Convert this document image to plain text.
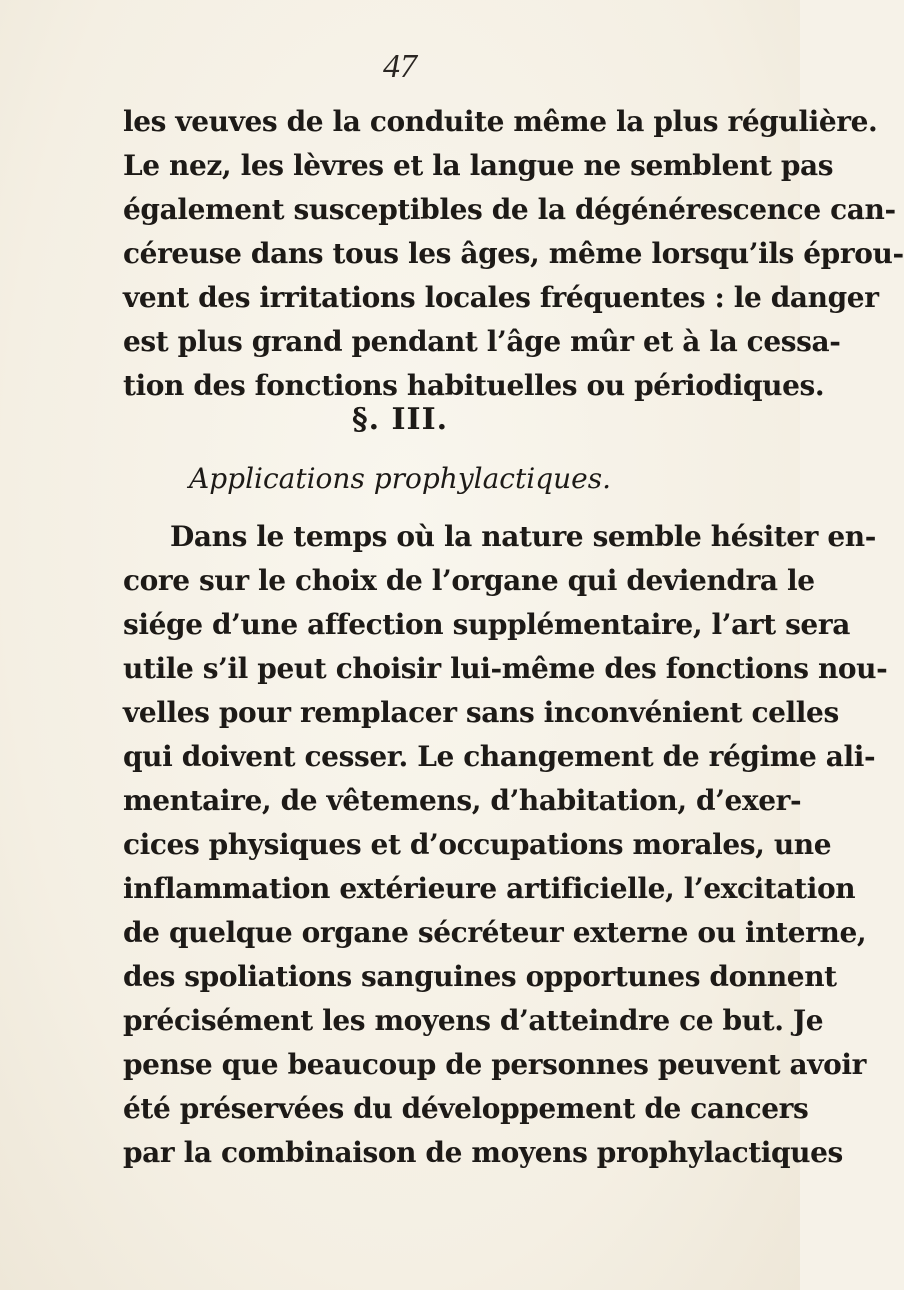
47
les veuves de la conduite même la plus régulière.
Le nez, les lèvres et la langue ne semblent pas
également susceptibles de la dégénérescence can-
céreuse dans tous les âges, même lorsqu’ils éprou-
vent des irritations locales fréquentes : le danger
est plus grand pendant l’âge mûr et à la cessa-
tion des fonctions habituelles ou périodiques.
§. III.
Applications prophylactiques.
Dans le temps où la nature semble hésiter en-
core sur le choix de l’organe qui deviendra le
siége d’une affection supplémentaire, l’art sera
utile s’il peut choisir lui-même des fonctions nou-
velles pour remplacer sans inconvénient celles
qui doivent cesser. Le changement de régime ali-
mentaire, de vêtemens, d’habitation, d’exer-
cices physiques et d’occupations morales, une
inflammation extérieure artificielle, l’excitation
de quelque organe sécréteur externe ou interne,
des spoliations sanguines opportunes donnent
précisément les moyens d’atteindre ce but. Je
pense que beaucoup de personnes peuvent avoir
été préservées du développement de cancers
par la combinaison de moyens prophylactiques
